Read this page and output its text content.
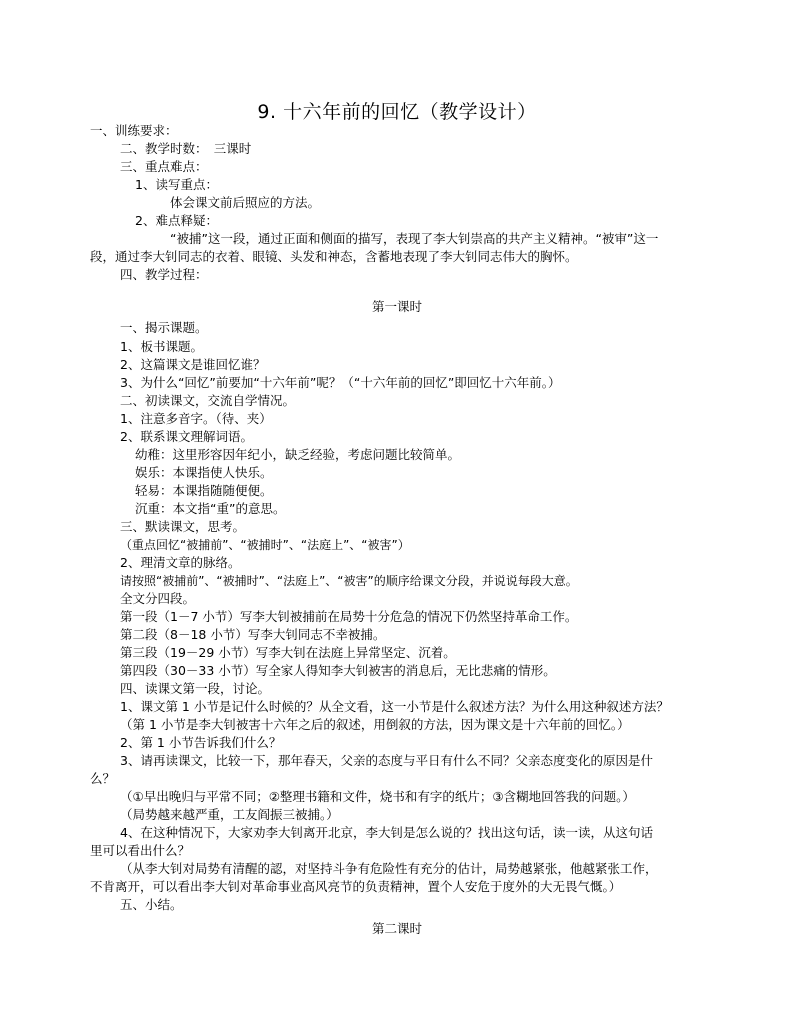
9. 十六年前的回忆（教学设计）
一、训练要求：
二、教学时数：　三课时
三、重点难点：
1、读写重点：
体会课文前后照应的方法。
2、难点释疑：
“被捕”这一段，通过正面和侧面的描写，表现了李大钊崇高的共产主义精神。“被审”这一
段，通过李大钊同志的衣着、眼镜、头发和神态，含蓄地表现了李大钊同志伟大的胸怀。
四、教学过程：
第一课时
一、揭示课题。
1、板书课题。
2、这篇课文是谁回忆谁？
3、为什么“回忆”前要加“十六年前”呢？（“十六年前的回忆”即回忆十六年前。）
二、初读课文，交流自学情况。
1、注意多音字。（待、夹）
2、联系课文理解词语。
幼稚：这里形容因年纪小，缺乏经验，考虑问题比较简单。
娱乐：本课指使人快乐。
轻易：本课指随随便便。
沉重：本文指“重”的意思。
三、默读课文，思考。
（重点回忆“被捕前”、“被捕时”、“法庭上”、“被害”）
2、理清文章的脉络。
请按照“被捕前”、“被捕时”、“法庭上”、“被害”的顺序给课文分段，并说说每段大意。
全文分四段。
第一段（1－7 小节）写李大钊被捕前在局势十分危急的情况下仍然坚持革命工作。
第二段（8－18 小节）写李大钊同志不幸被捕。
第三段（19－29 小节）写李大钊在法庭上异常坚定、沉着。
第四段（30－33 小节）写全家人得知李大钊被害的消息后，无比悲痛的情形。
四、读课文第一段，讨论。
1、课文第 1 小节是记什么时候的？从全文看，这一小节是什么叙述方法？为什么用这种叙述方法？
（第 1 小节是李大钊被害十六年之后的叙述，用倒叙的方法，因为课文是十六年前的回忆。）
2、第 1 小节告诉我们什么？
3、请再读课文，比较一下，那年春天，父亲的态度与平日有什么不同？父亲态度变化的原因是什
么？
（①早出晚归与平常不同；②整理书籍和文件，烧书和有字的纸片；③含糊地回答我的问题。）
（局势越来越严重，工友阎振三被捕。）
4、在这种情况下，大家劝李大钊离开北京，李大钊是怎么说的？找出这句话，读一读，从这句话
里可以看出什么？
（从李大钊对局势有清醒的認，对坚持斗争有危险性有充分的估计，局势越紧张，他越紧张工作，
不肯离开，可以看出李大钊对革命事业高风亮节的负责精神，置个人安危于度外的大无畏气慨。）
五、小结。
第二课时
